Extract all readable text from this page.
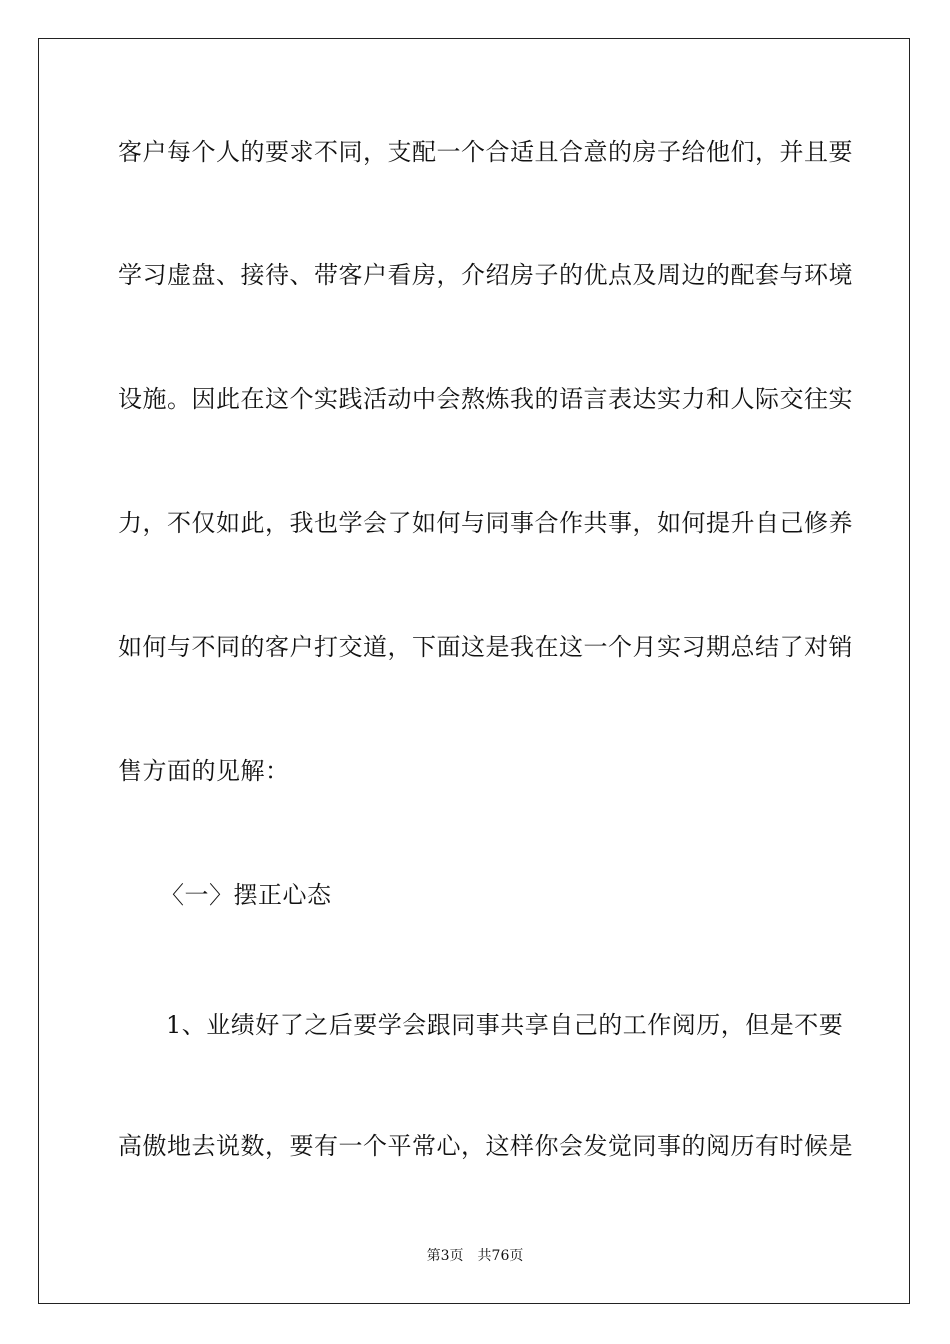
客户每个人的要求不同，支配一个合适且合意的房子给他们，并且要
学习虚盘、接待、带客户看房，介绍房子的优点及周边的配套与环境
设施。因此在这个实践活动中会熬炼我的语言表达实力和人际交往实
力，不仅如此，我也学会了如何与同事合作共事，如何提升自己修养
如何与不同的客户打交道，下面这是我在这一个月实习期总结了对销
售方面的见解：
〈一〉摆正心态
1、业绩好了之后要学会跟同事共享自己的工作阅历，但是不要
高傲地去说数，要有一个平常心，这样你会发觉同事的阅历有时候是
第3页 共76页
